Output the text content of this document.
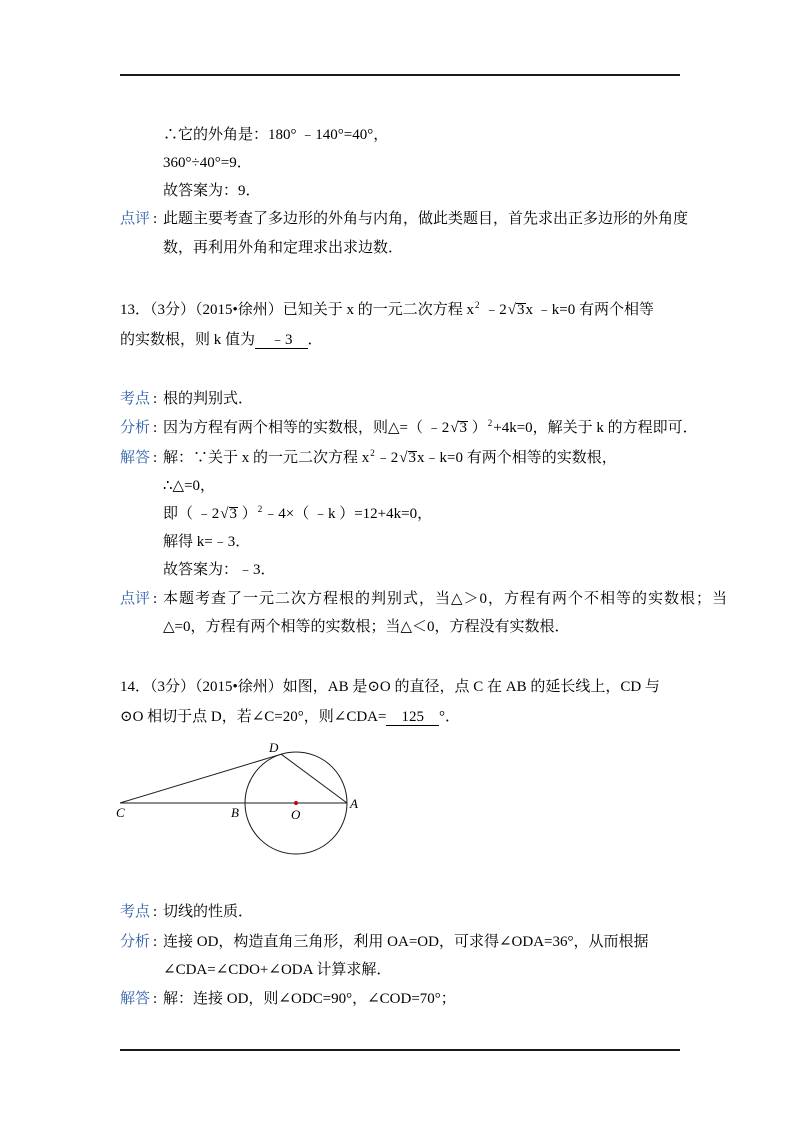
∴它的外角是：180° ﹣140°=40°，
360°÷40°=9．
故答案为：9．
点评 : 此题主要考查了多边形的外角与内角，做此类题目，首先求出正多边形的外角度
数，再利用外角和定理求出求边数．
13．（3分）（2015•徐州）已知关于 x 的一元二次方程 $x^2$ ﹣2√3x ﹣k=0 有两个相等
的实数根，则 k 值为 ﹣3 ．
考点 : 根的判别式．
分析 : 因为方程有两个相等的实数根，则△=（ ﹣2√3 ）$^2$+4k=0，解关于 k 的方程即可．
解答 : 解：∵关于 x 的一元二次方程 $x^2﹣2√3x﹣k=0$ 有两个相等的实数根，
∴△=0，
即（ ﹣2√3 ）$^2$﹣4×（ ﹣k ）=12+4k=0，
解得 k=﹣3．
故答案为：﹣3．
点评 : 本题考查了一元二次方程根的判别式，当△＞0，方程有两个不相等的实数根；当
△=0，方程有两个相等的实数根；当△＜0，方程没有实数根．
14．（3分）（2015•徐州）如图，AB 是⊙O 的直径，点 C 在 AB 的延长线上，CD 与
⊙O 相切于点 D，若∠C=20°，则∠CDA= 125 °．
D
C	B	O
A
考点 : 切线的性质．
分析 : 连接 OD，构造直角三角形，利用 OA=OD，可求得∠ODA=36°，从而根据
∠CDA=∠CDO+∠ODA 计算求解．
解答 : 解：连接 OD，则∠ODC=90°，∠COD=70°；
